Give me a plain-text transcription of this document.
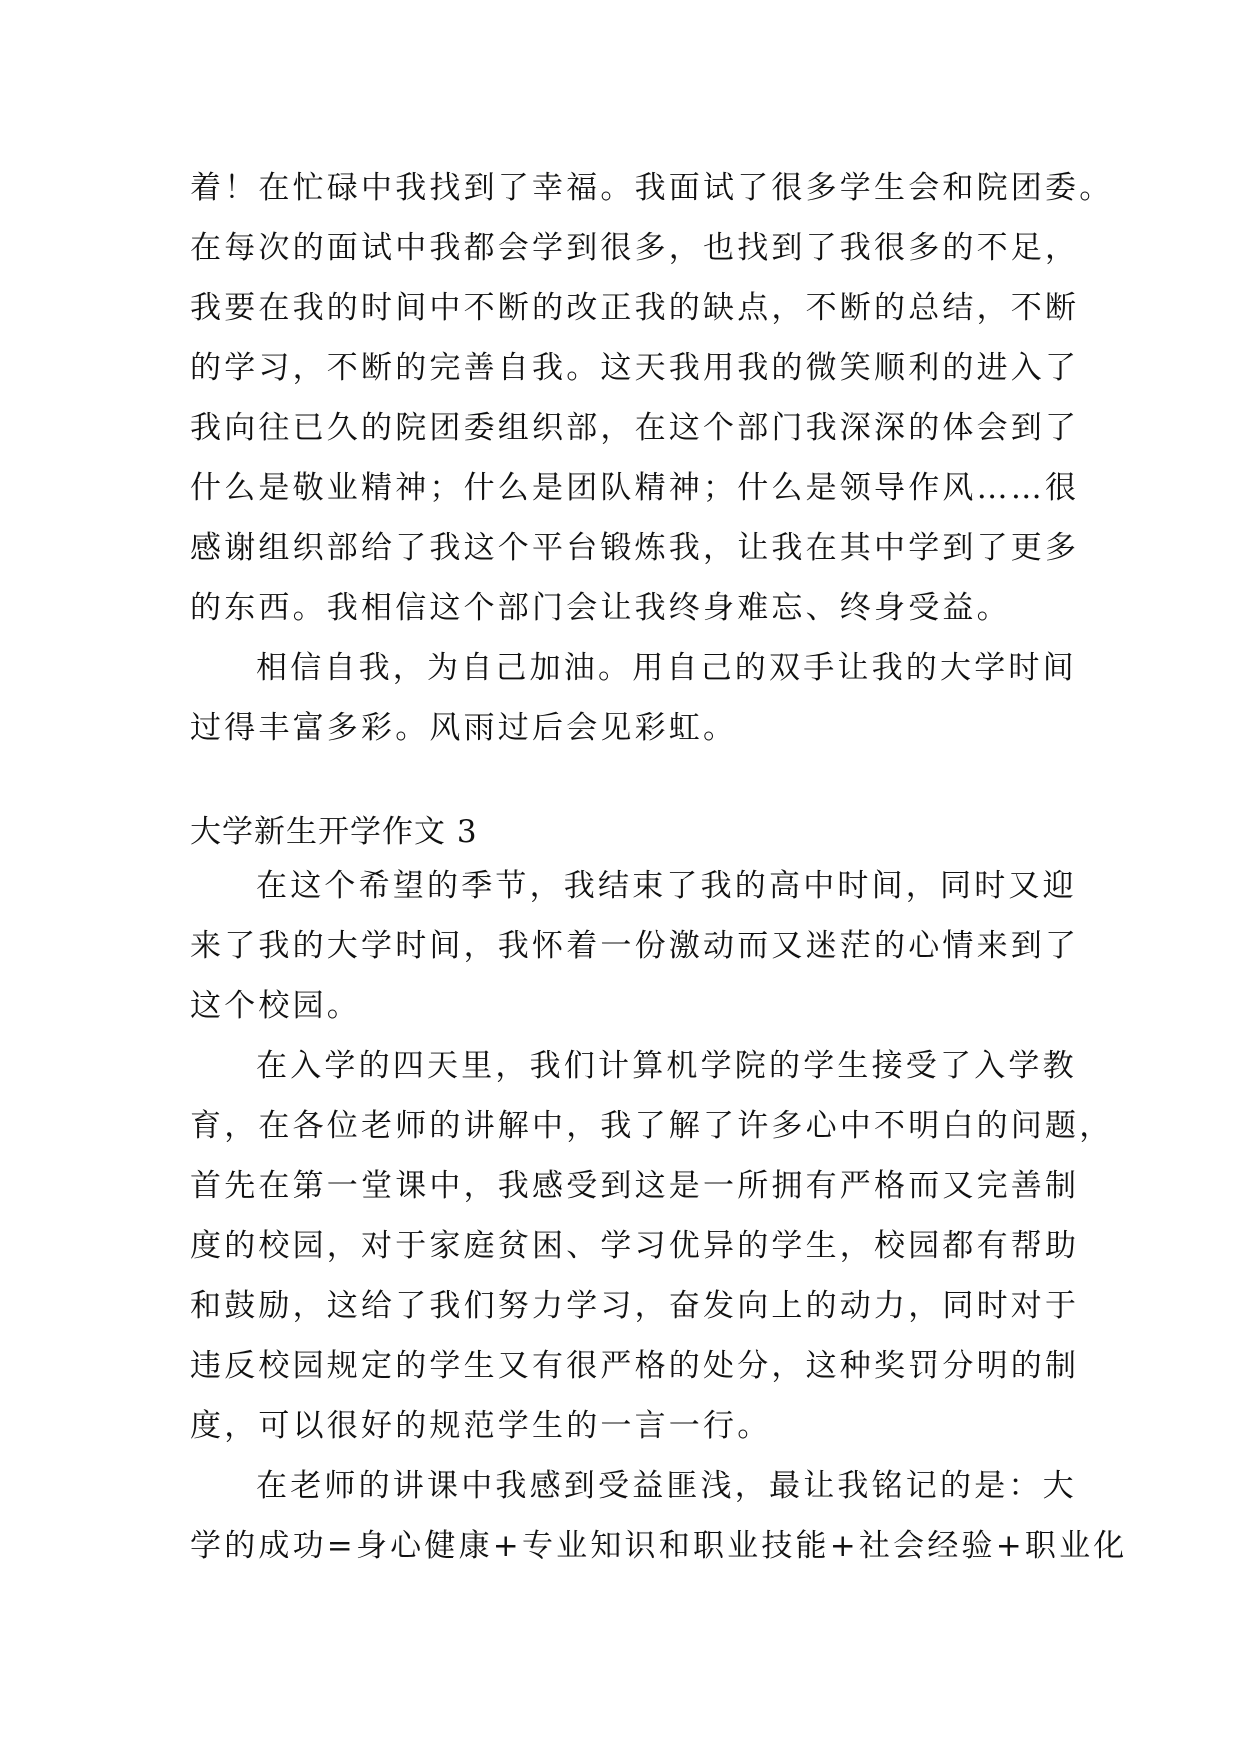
着！在忙碌中我找到了幸福。我面试了很多学生会和院团委。
在每次的面试中我都会学到很多，也找到了我很多的不足，
我要在我的时间中不断的改正我的缺点，不断的总结，不断
的学习，不断的完善自我。这天我用我的微笑顺利的进入了
我向往已久的院团委组织部，在这个部门我深深的体会到了
什么是敬业精神；什么是团队精神；什么是领导作风……很
感谢组织部给了我这个平台锻炼我，让我在其中学到了更多
的东西。我相信这个部门会让我终身难忘、终身受益。
相信自我，为自己加油。用自己的双手让我的大学时间
过得丰富多彩。风雨过后会见彩虹。
大学新生开学作文 3
在这个希望的季节，我结束了我的高中时间，同时又迎
来了我的大学时间，我怀着一份激动而又迷茫的心情来到了
这个校园。
在入学的四天里，我们计算机学院的学生接受了入学教
育，在各位老师的讲解中，我了解了许多心中不明白的问题，
首先在第一堂课中，我感受到这是一所拥有严格而又完善制
度的校园，对于家庭贫困、学习优异的学生，校园都有帮助
和鼓励，这给了我们努力学习，奋发向上的动力，同时对于
违反校园规定的学生又有很严格的处分，这种奖罚分明的制
度，可以很好的规范学生的一言一行。
在老师的讲课中我感到受益匪浅，最让我铭记的是：大
学的成功=身心健康+专业知识和职业技能+社会经验+职业化
